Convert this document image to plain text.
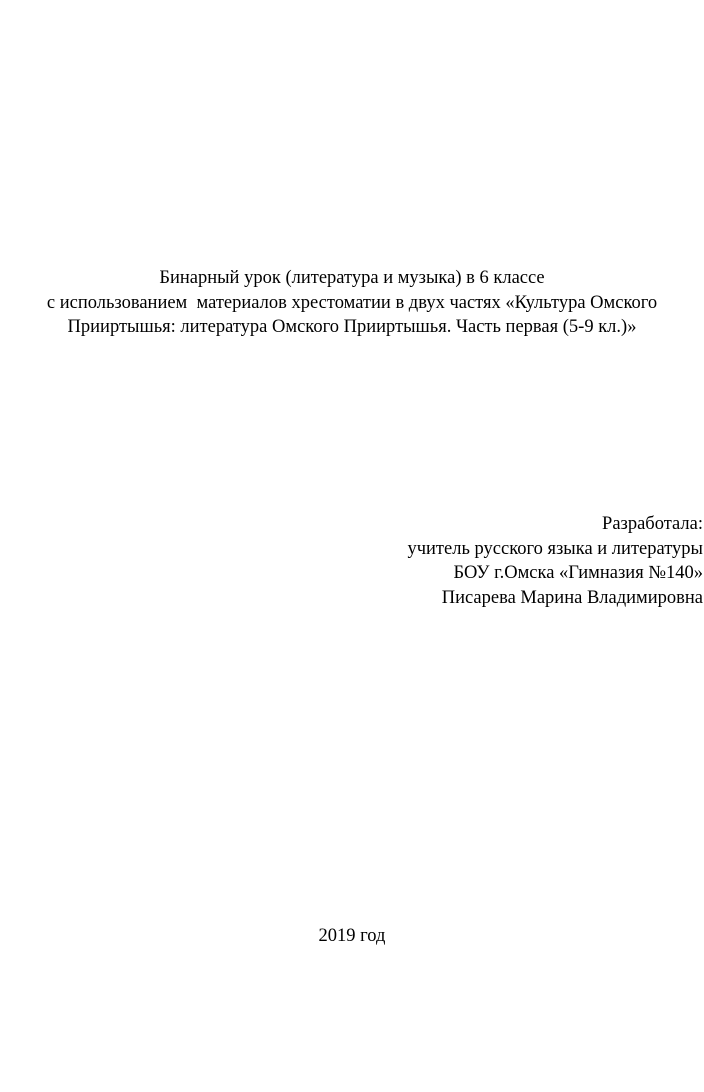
Бинарный урок (литература и музыка) в 6 классе
с использованием  материалов хрестоматии в двух частях «Культура Омского
Прииртышья: литература Омского Прииртышья. Часть первая (5-9 кл.)»
Разработала:
учитель русского языка и литературы
БОУ г.Омска «Гимназия №140»
Писарева Марина Владимировна
2019 год
